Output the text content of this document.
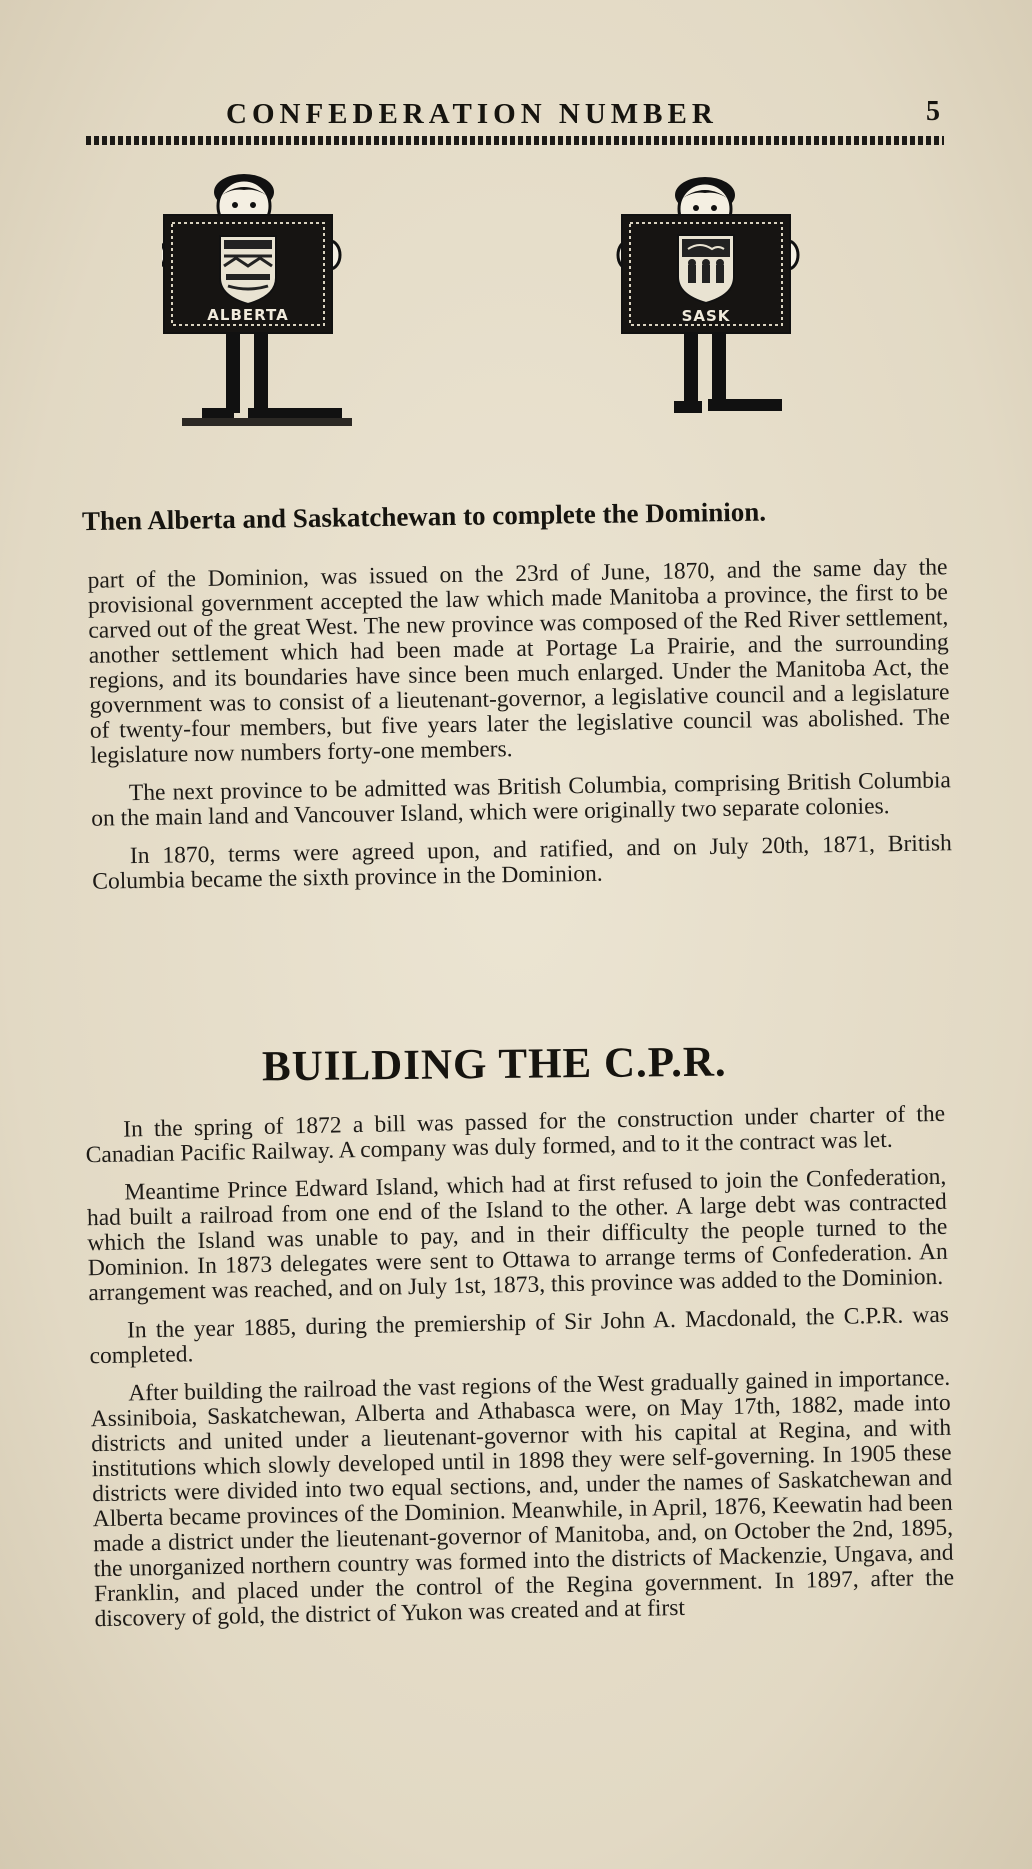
CONFEDERATION NUMBER	5
ALBERTA	SASK
Then Alberta and Saskatchewan to complete the Dominion.

part of the Dominion, was issued on the 23rd of June, 1870, and the same day the provisional government accepted the law which made Manitoba a province, the first to be carved out of the great West. The new province was composed of the Red River settlement, another settlement which had been made at Portage La Prairie, and the surrounding regions, and its boundaries have since been much enlarged. Under the Manitoba Act, the government was to consist of a lieutenant-governor, a legislative council and a legislature of twenty-four members, but five years later the legislative council was abolished. The legislature now numbers forty-one members.

The next province to be admitted was British Columbia, comprising British Columbia on the main land and Vancouver Island, which were originally two separate colonies.

In 1870, terms were agreed upon, and ratified, and on July 20th, 1871, British Columbia became the sixth province in the Dominion.

BUILDING THE C.P.R.

In the spring of 1872 a bill was passed for the construction under charter of the Canadian Pacific Railway. A company was duly formed, and to it the contract was let.

Meantime Prince Edward Island, which had at first refused to join the Confederation, had built a railroad from one end of the Island to the other. A large debt was contracted which the Island was unable to pay, and in their difficulty the people turned to the Dominion. In 1873 delegates were sent to Ottawa to arrange terms of Confederation. An arrangement was reached, and on July 1st, 1873, this province was added to the Dominion.

In the year 1885, during the premiership of Sir John A. Macdonald, the C.P.R. was completed.

After building the railroad the vast regions of the West gradually gained in importance. Assiniboia, Saskatchewan, Alberta and Athabasca were, on May 17th, 1882, made into districts and united under a lieutenant-governor with his capital at Regina, and with institutions which slowly developed until in 1898 they were self-governing. In 1905 these districts were divided into two equal sections, and, under the names of Saskatchewan and Alberta became provinces of the Dominion. Meanwhile, in April, 1876, Keewatin had been made a district under the lieutenant-governor of Manitoba, and, on October the 2nd, 1895, the unorganized northern country was formed into the districts of Mackenzie, Ungava, and Franklin, and placed under the control of the Regina government. In 1897, after the discovery of gold, the district of Yukon was created and at first
